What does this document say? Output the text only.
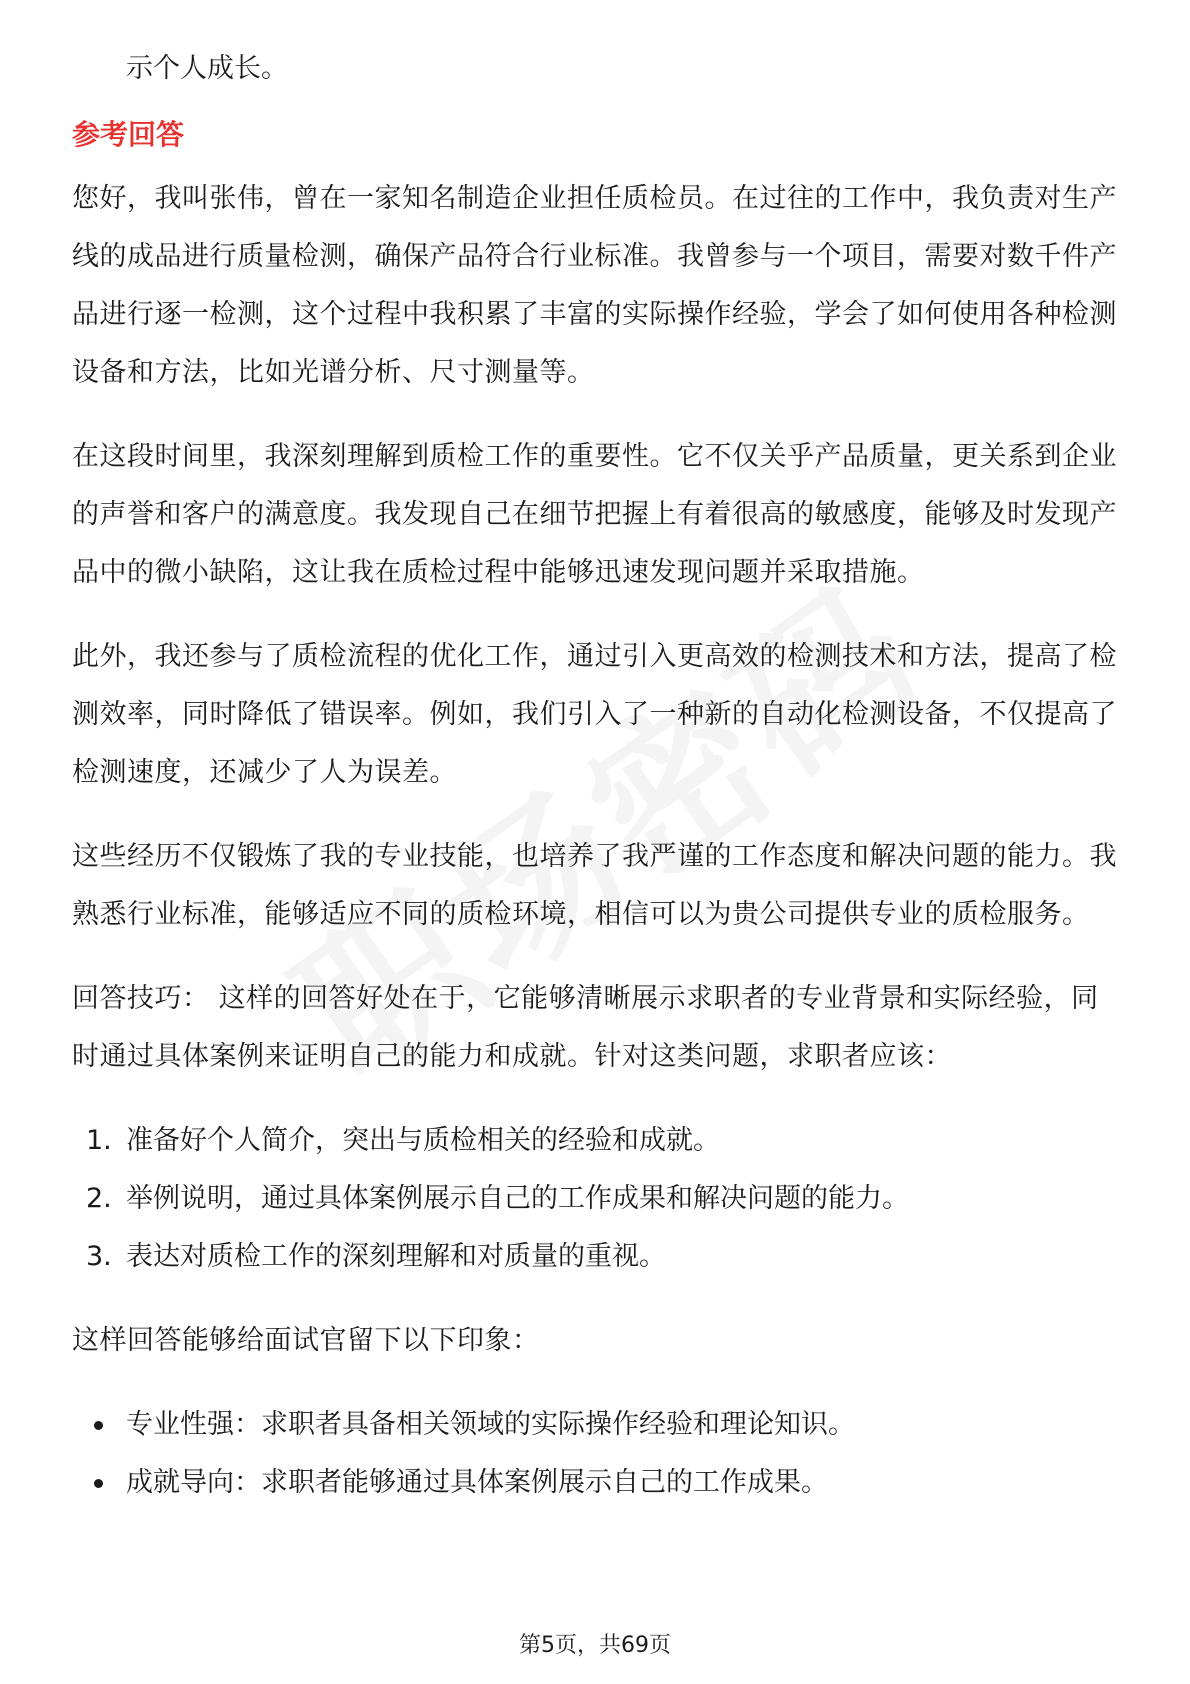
示个人成长。

参考回答

您好，我叫张伟，曾在一家知名制造企业担任质检员。在过往的工作中，我负责对生产线的成品进行质量检测，确保产品符合行业标准。我曾参与一个项目，需要对数千件产品进行逐一检测，这个过程中我积累了丰富的实际操作经验，学会了如何使用各种检测设备和方法，比如光谱分析、尺寸测量等。

在这段时间里，我深刻理解到质检工作的重要性。它不仅关乎产品质量，更关系到企业的声誉和客户的满意度。我发现自己在细节把握上有着很高的敏感度，能够及时发现产品中的微小缺陷，这让我在质检过程中能够迅速发现问题并采取措施。

此外，我还参与了质检流程的优化工作，通过引入更高效的检测技术和方法，提高了检测效率，同时降低了错误率。例如，我们引入了一种新的自动化检测设备，不仅提高了检测速度，还减少了人为误差。

这些经历不仅锻炼了我的专业技能，也培养了我严谨的工作态度和解决问题的能力。我熟悉行业标准，能够适应不同的质检环境，相信可以为贵公司提供专业的质检服务。

回答技巧： 这样的回答好处在于，它能够清晰展示求职者的专业背景和实际经验，同时通过具体案例来证明自己的能力和成就。针对这类问题，求职者应该：

1. 准备好个人简介，突出与质检相关的经验和成就。
2. 举例说明，通过具体案例展示自己的工作成果和解决问题的能力。
3. 表达对质检工作的深刻理解和对质量的重视。

这样回答能够给面试官留下以下印象：

专业性强：求职者具备相关领域的实际操作经验和理论知识。
成就导向：求职者能够通过具体案例展示自己的工作成果。
第5页，共69页
